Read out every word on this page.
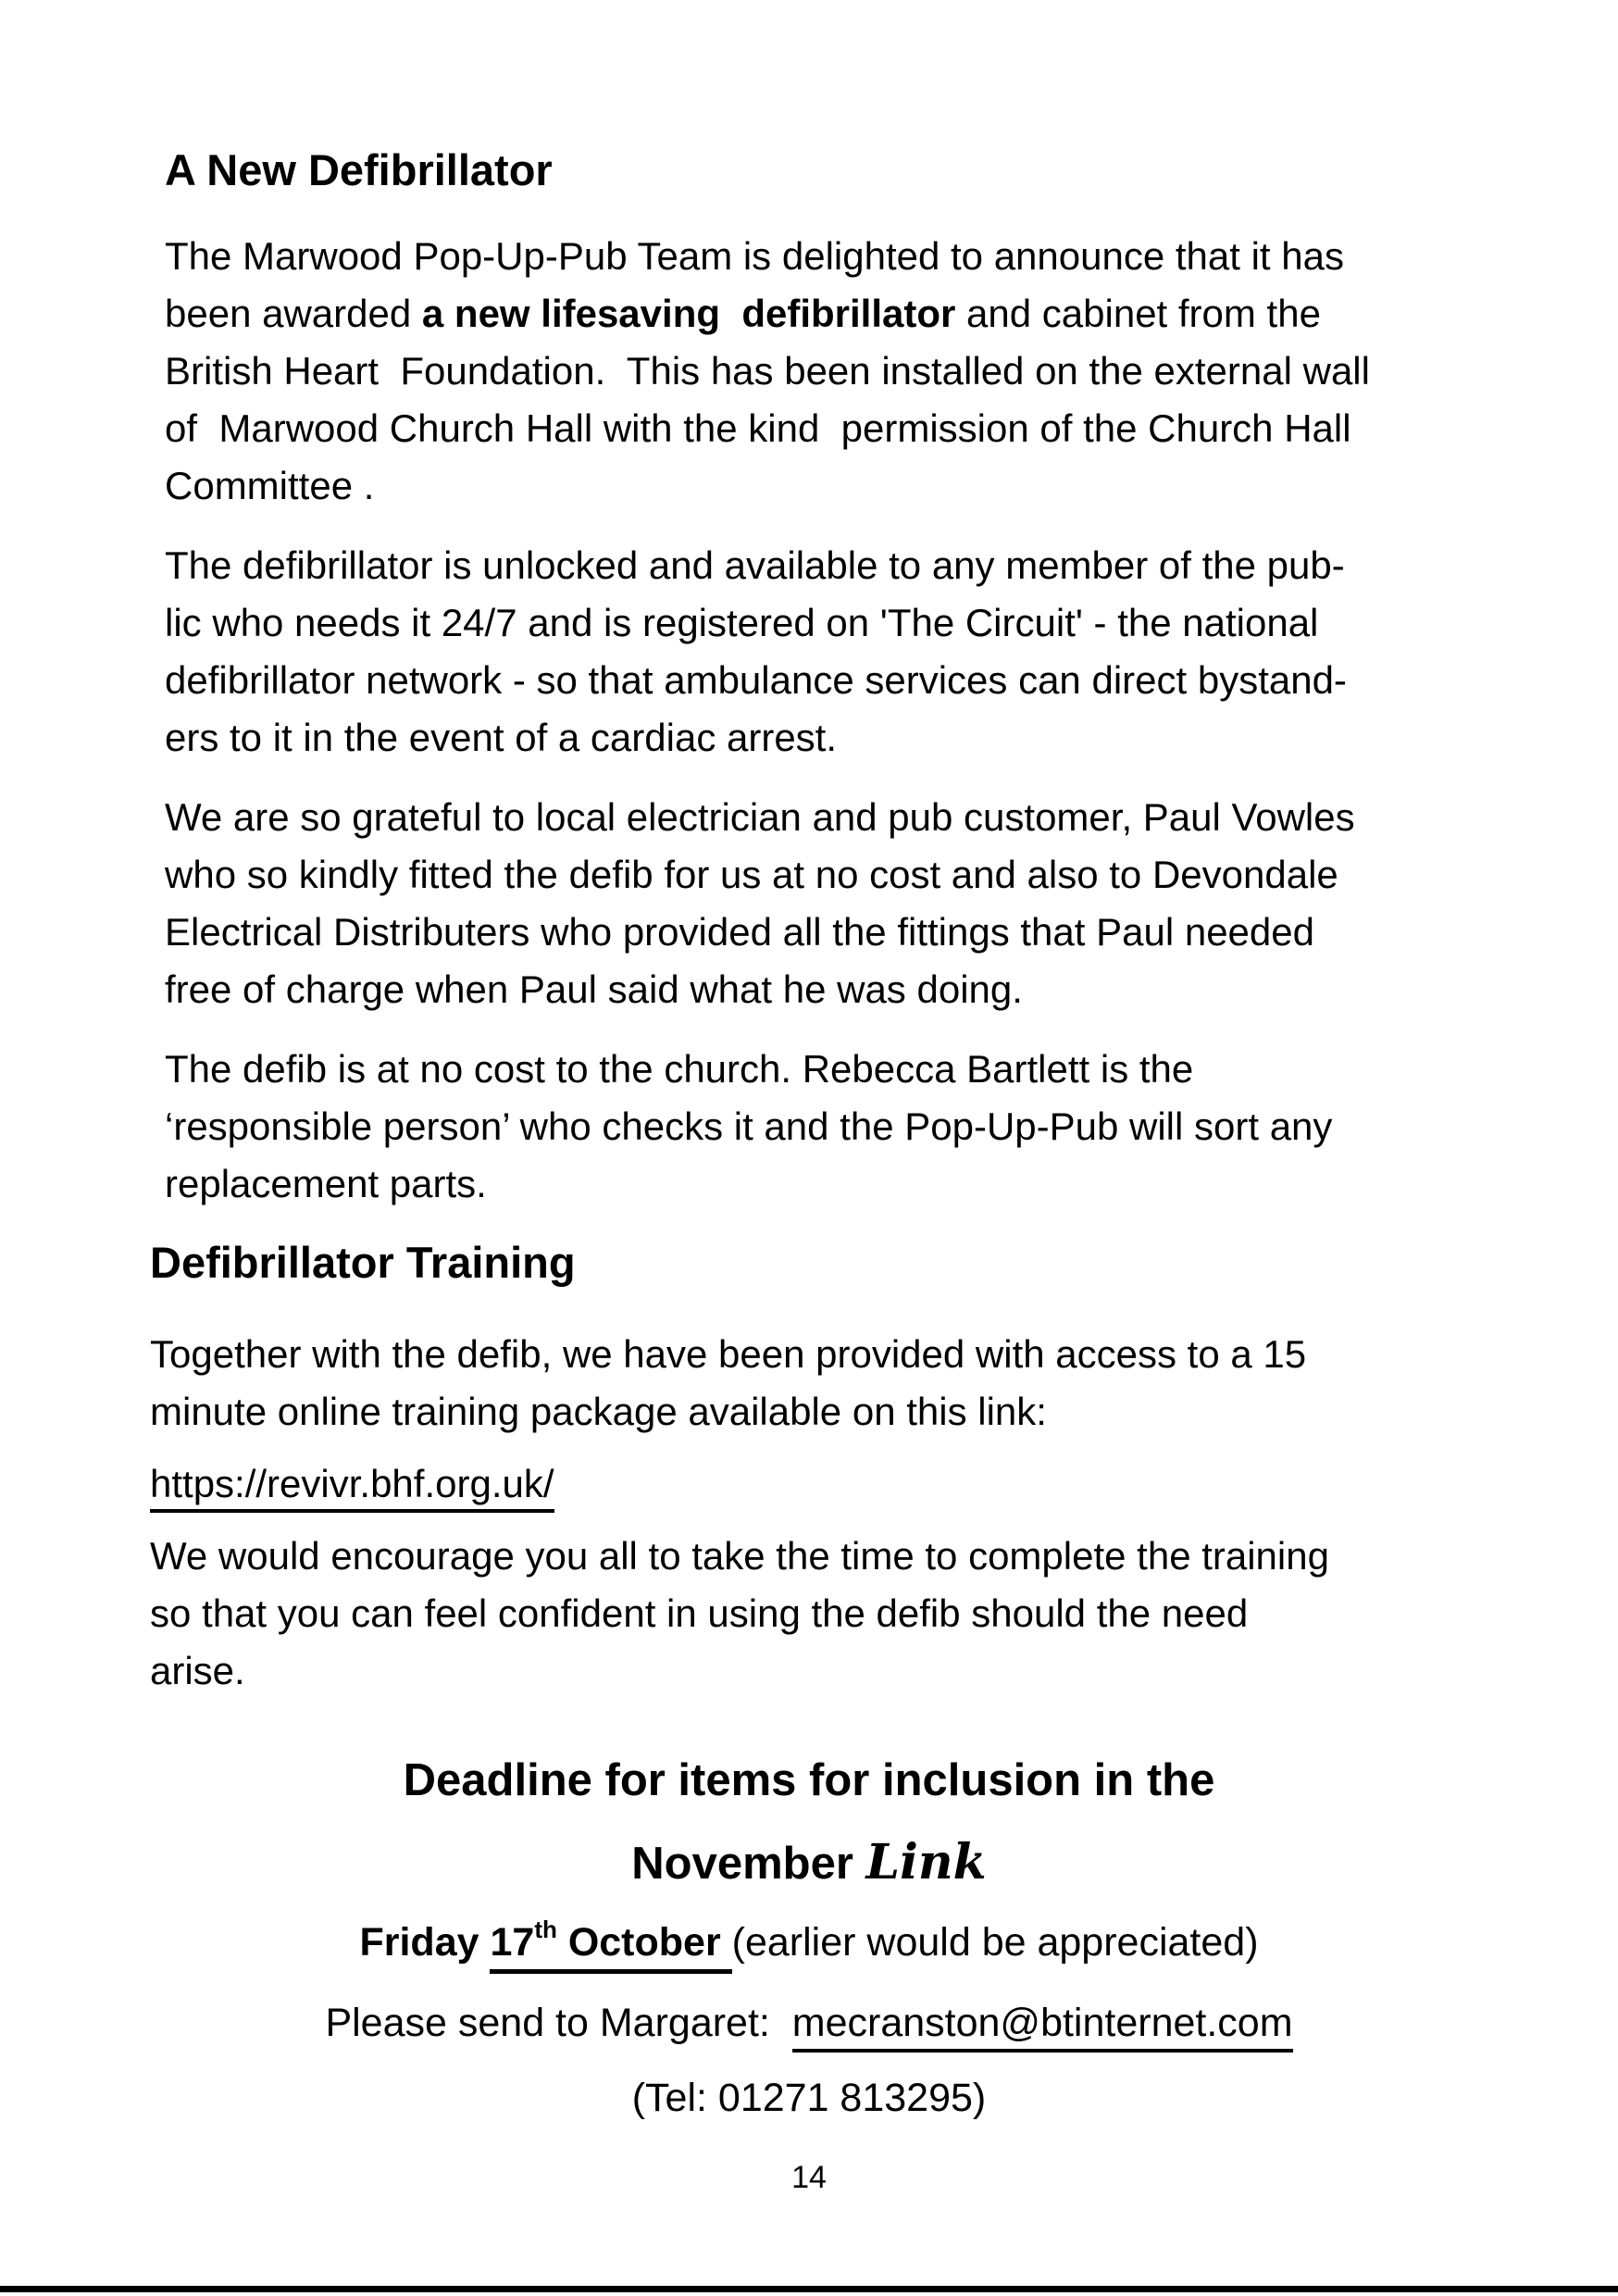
A New Defibrillator

The Marwood Pop-Up-Pub Team is delighted to announce that it has
been awarded a new lifesaving  defibrillator and cabinet from the
British Heart  Foundation.  This has been installed on the external wall
of  Marwood Church Hall with the kind  permission of the Church Hall
Committee .

The defibrillator is unlocked and available to any member of the pub-
lic who needs it 24/7 and is registered on 'The Circuit' - the national
defibrillator network - so that ambulance services can direct bystand-
ers to it in the event of a cardiac arrest.

We are so grateful to local electrician and pub customer, Paul Vowles
who so kindly fitted the defib for us at no cost and also to Devondale
Electrical Distributers who provided all the fittings that Paul needed
free of charge when Paul said what he was doing.

The defib is at no cost to the church. Rebecca Bartlett is the
‘responsible person’ who checks it and the Pop-Up-Pub will sort any
replacement parts.

Defibrillator Training

Together with the defib, we have been provided with access to a 15
minute online training package available on this link:

https://revivr.bhf.org.uk/

We would encourage you all to take the time to complete the training
so that you can feel confident in using the defib should the need
arise.

Deadline for items for inclusion in the
November Link
Friday 17th October (earlier would be appreciated)
Please send to Margaret:  mecranston@btinternet.com
(Tel: 01271 813295)
14
